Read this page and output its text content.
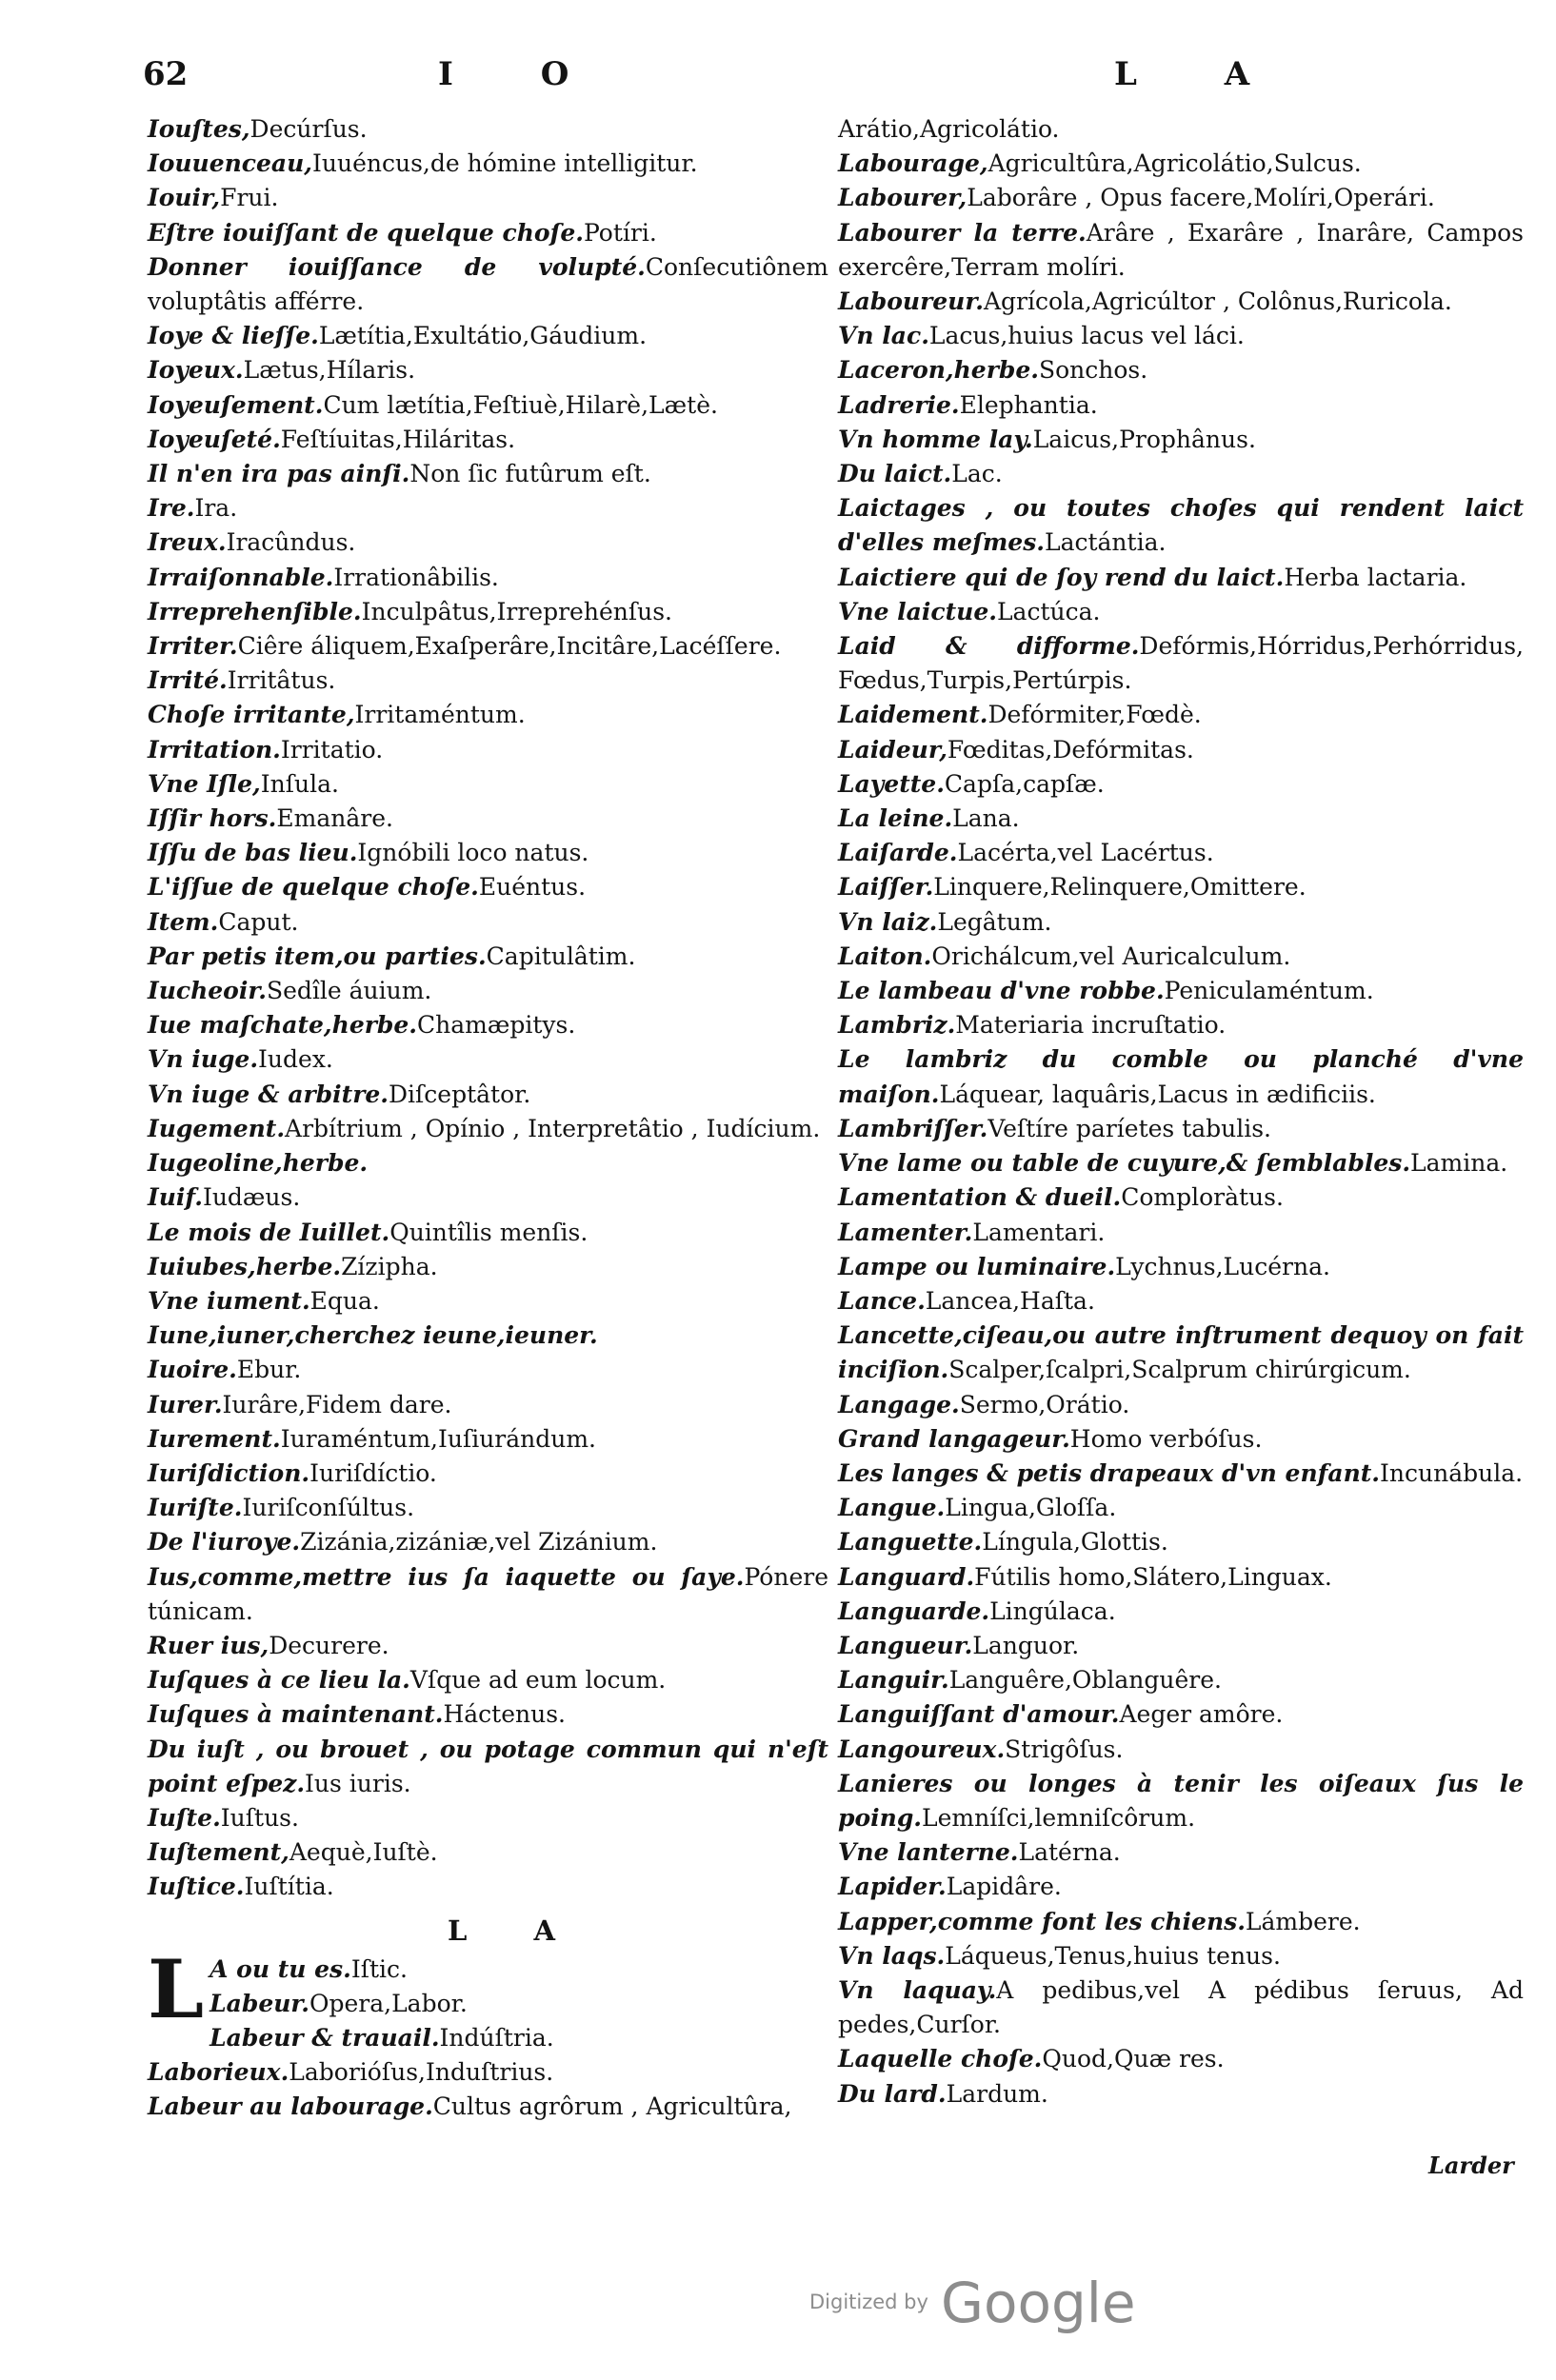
62	I O	L A
Iouſtes,Decúrſus.
Iouuenceau,Iuuéncus,de hómine intelligitur.
Iouir,Frui.
Eſtre iouiſſant de quelque choſe.Potíri.
Donner iouiſſance de volupté.Conſecutiônem voluptâtis afférre.
Ioye & lieſſe.Lætítia,Exultátio,Gáudium.
Ioyeux.Lætus,Hílaris.
Ioyeuſement.Cum lætítia,Feſtiuè,Hilarè,Lætè.
Ioyeuſeté.Feſtíuitas,Hiláritas.
Il n'en ira pas ainſi.Non ſic futûrum eſt.
Ire.Ira.
Ireux.Iracûndus.
Irraiſonnable.Irrationâbilis.
Irreprehenſible.Inculpâtus,Irreprehénſus.
Irriter.Ciêre áliquem,Exaſperâre,Incitâre,Lacéſſere.
Irrité.Irritâtus.
Choſe irritante,Irritaméntum.
Irritation.Irritatio.
Vne Iſle,Inſula.
Iſſir hors.Emanâre.
Iſſu de bas lieu.Ignóbili loco natus.
L'iſſue de quelque choſe.Euéntus.
Item.Caput.
Par petis item,ou parties.Capitulâtim.
Iucheoir.Sedîle áuium.
Iue maſchate,herbe.Chamæpitys.
Vn iuge.Iudex.
Vn iuge & arbitre.Diſceptâtor.
Iugement.Arbítrium , Opínio , Interpretâtio , Iudícium.
Iugeoline,herbe.
Iuif.Iudæus.
Le mois de Iuillet.Quintîlis menſis.
Iuiubes,herbe.Zízipha.
Vne iument.Equa.
Iune,iuner,cherchez ieune,ieuner.
Iuoire.Ebur.
Iurer.Iurâre,Fidem dare.
Iurement.Iuraméntum,Iuſiurándum.
Iuriſdiction.Iuriſdíctio.
Iuriſte.Iuriſconſúltus.
De l'iuroye.Zizánia,zizániæ,vel Zizánium.
Ius,comme,mettre ius ſa iaquette ou ſaye.Pónere túnicam.
Ruer ius,Decurere.
Iuſques à ce lieu la.Vſque ad eum locum.
Iuſques à maintenant.Háctenus.
Du iuſt , ou brouet , ou potage commun qui n'eſt point eſpez.Ius iuris.
Iuſte.Iuſtus.
Iuſtement,Aequè,Iuſtè.
Iuſtice.Iuſtítia.
L A
L A ou tu es.Iſtic.
Labeur.Opera,Labor.
Labeur & trauail.Indúſtria.
Laborieux.Laborióſus,Induſtrius.
Labeur au labourage.Cultus agrôrum , Agricultûra,
Arátio,Agricolátio.
Labourage,Agricultûra,Agricolátio,Sulcus.
Labourer,Laborâre , Opus facere,Molíri,Operári.
Labourer la terre.Arâre , Exarâre , Inarâre, Campos exercêre,Terram molíri.
Laboureur.Agrícola,Agricúltor , Colônus,Ruricola.
Vn lac.Lacus,huius lacus vel láci.
Laceron,herbe.Sonchos.
Ladrerie.Elephantia.
Vn homme lay.Laicus,Prophânus.
Du laict.Lac.
Laictages , ou toutes choſes qui rendent laict d'elles meſmes.Lactántia.
Laictiere qui de ſoy rend du laict.Herba lactaria.
Vne laictue.Lactúca.
Laid & difforme.Defórmis,Hórridus,Perhórridus, Fœdus,Turpis,Pertúrpis.
Laidement.Defórmiter,Fœdè.
Laideur,Fœditas,Defórmitas.
Layette.Capſa,capſæ.
La leine.Lana.
Laiſarde.Lacérta,vel Lacértus.
Laiſſer.Linquere,Relinquere,Omittere.
Vn laiz.Legâtum.
Laiton.Orichálcum,vel Auricalculum.
Le lambeau d'vne robbe.Peniculaméntum.
Lambriz.Materiaria incruſtatio.
Le lambriz du comble ou planché d'vne maiſon.Láquear, laquâris,Lacus in ædificiis.
Lambriſſer.Veſtíre paríetes tabulis.
Vne lame ou table de cuyure,& ſemblables.Lamina.
Lamentation & dueil.Comploràtus.
Lamenter.Lamentari.
Lampe ou luminaire.Lychnus,Lucérna.
Lance.Lancea,Haſta.
Lancette,ciſeau,ou autre inſtrument dequoy on fait inciſion.Scalper,ſcalpri,Scalprum chirúrgicum.
Langage.Sermo,Orátio.
Grand langageur.Homo verbóſus.
Les langes & petis drapeaux d'vn enfant.Incunábula.
Langue.Lingua,Gloſſa.
Languette.Língula,Glottis.
Languard.Fútilis homo,Slátero,Linguax.
Languarde.Lingúlaca.
Langueur.Languor.
Languir.Languêre,Oblanguêre.
Languiſſant d'amour.Aeger amôre.
Langoureux.Strigôſus.
Lanieres ou longes à tenir les oiſeaux ſus le poing.Lemníſci,lemniſcôrum.
Vne lanterne.Latérna.
Lapider.Lapidâre.
Lapper,comme font les chiens.Lámbere.
Vn laqs.Láqueus,Tenus,huius tenus.
Vn laquay.A pedibus,vel A pédibus ſeruus, Ad pedes,Curſor.
Laquelle choſe.Quod,Quæ res.
Du lard.Lardum.
Larder
Digitized by Google
